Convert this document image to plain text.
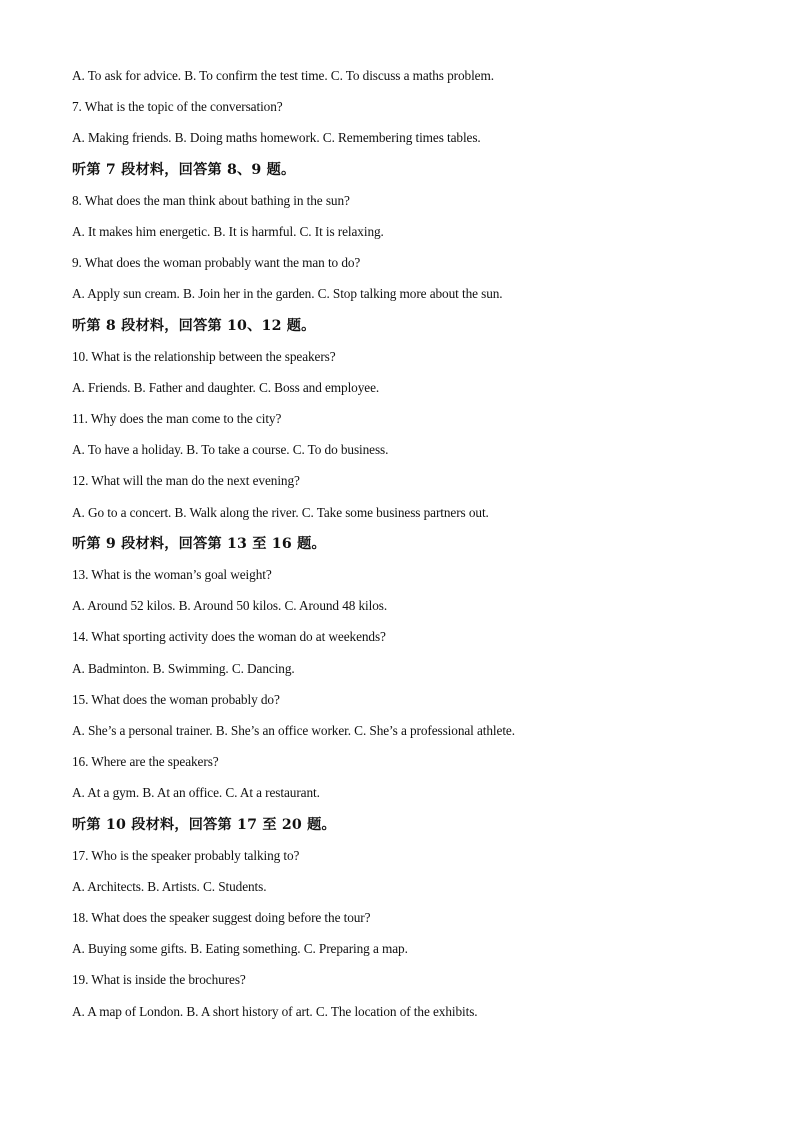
A. To ask for advice. B. To confirm the test time. C. To discuss a maths problem.
7. What is the topic of the conversation?
A. Making friends. B. Doing maths homework. C. Remembering times tables.
听第 7 段材料，回答第 8、9 题。
8. What does the man think about bathing in the sun?
A. It makes him energetic. B. It is harmful. C. It is relaxing.
9. What does the woman probably want the man to do?
A. Apply sun cream. B. Join her in the garden. C. Stop talking more about the sun.
听第 8 段材料，回答第 10、12 题。
10. What is the relationship between the speakers?
A. Friends. B. Father and daughter. C. Boss and employee.
11. Why does the man come to the city?
A. To have a holiday. B. To take a course. C. To do business.
12. What will the man do the next evening?
A. Go to a concert. B. Walk along the river. C. Take some business partners out.
听第 9 段材料，回答第 13 至 16 题。
13. What is the woman’s goal weight?
A. Around 52 kilos. B. Around 50 kilos. C. Around 48 kilos.
14. What sporting activity does the woman do at weekends?
A. Badminton. B. Swimming. C. Dancing.
15. What does the woman probably do?
A. She’s a personal trainer. B. She’s an office worker. C. She’s a professional athlete.
16. Where are the speakers?
A. At a gym. B. At an office. C. At a restaurant.
听第 10 段材料，回答第 17 至 20 题。
17. Who is the speaker probably talking to?
A. Architects. B. Artists. C. Students.
18. What does the speaker suggest doing before the tour?
A. Buying some gifts. B. Eating something. C. Preparing a map.
19. What is inside the brochures?
A. A map of London. B. A short history of art. C. The location of the exhibits.
